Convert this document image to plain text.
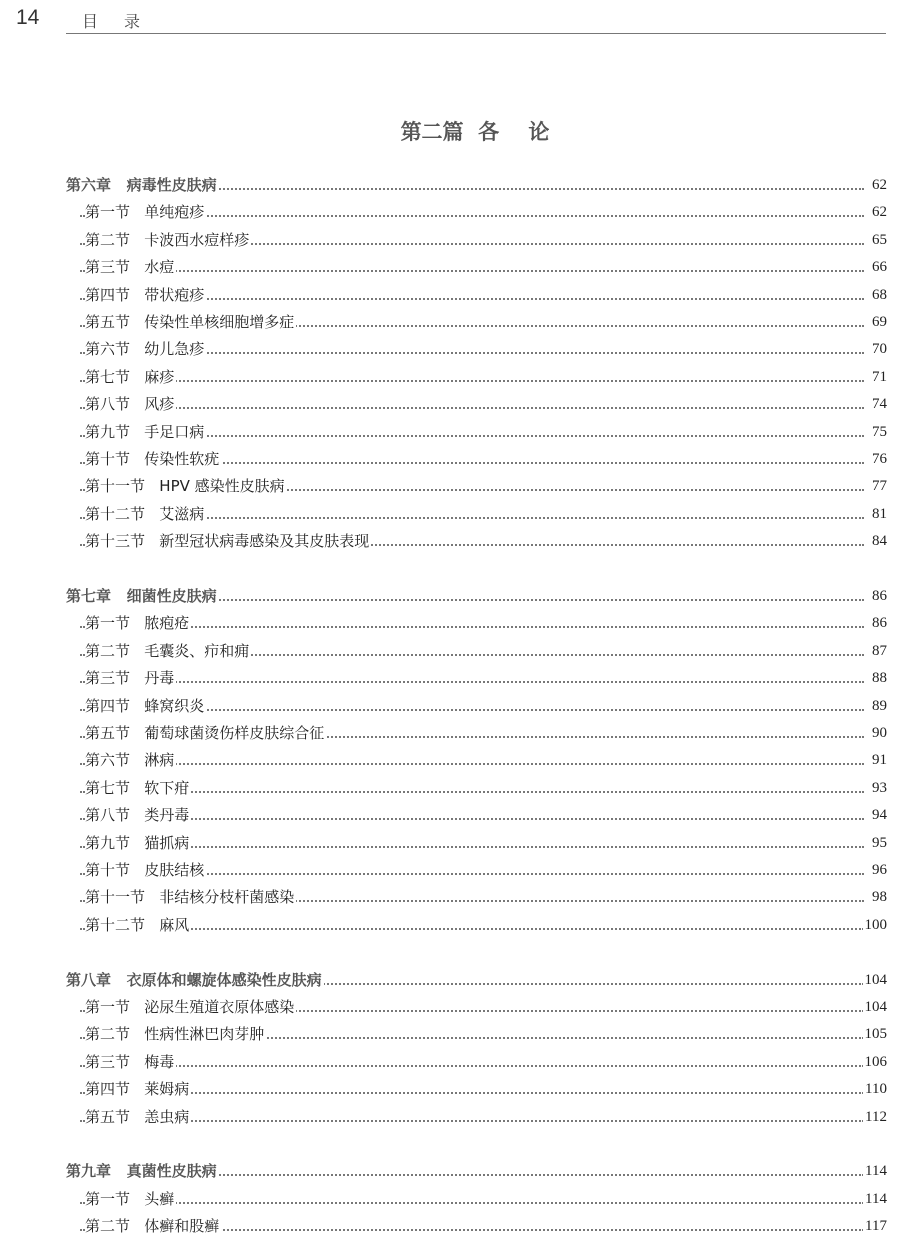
14	目录
第二篇  各    论
第六章   病毒性皮肤病	62
第一节   单纯疱疹	62
第二节   卡波西水痘样疹	65
第三节   水痘	66
第四节   带状疱疹	68
第五节   传染性单核细胞增多症	69
第六节   幼儿急疹	70
第七节   麻疹	71
第八节   风疹	74
第九节   手足口病	75
第十节   传染性软疣	76
第十一节   HPV 感染性皮肤病	77
第十二节   艾滋病	81
第十三节   新型冠状病毒感染及其皮肤表现	84
第七章   细菌性皮肤病	86
第一节   脓疱疮	86
第二节   毛囊炎、疖和痈	87
第三节   丹毒	88
第四节   蜂窝织炎	89
第五节   葡萄球菌烫伤样皮肤综合征	90
第六节   淋病	91
第七节   软下疳	93
第八节   类丹毒	94
第九节   猫抓病	95
第十节   皮肤结核	96
第十一节   非结核分枝杆菌感染	98
第十二节   麻风	100
第八章   衣原体和螺旋体感染性皮肤病	104
第一节   泌尿生殖道衣原体感染	104
第二节   性病性淋巴肉芽肿	105
第三节   梅毒	106
第四节   莱姆病	110
第五节   恙虫病	112
第九章   真菌性皮肤病	114
第一节   头癣	114
第二节   体癣和股癣	117
